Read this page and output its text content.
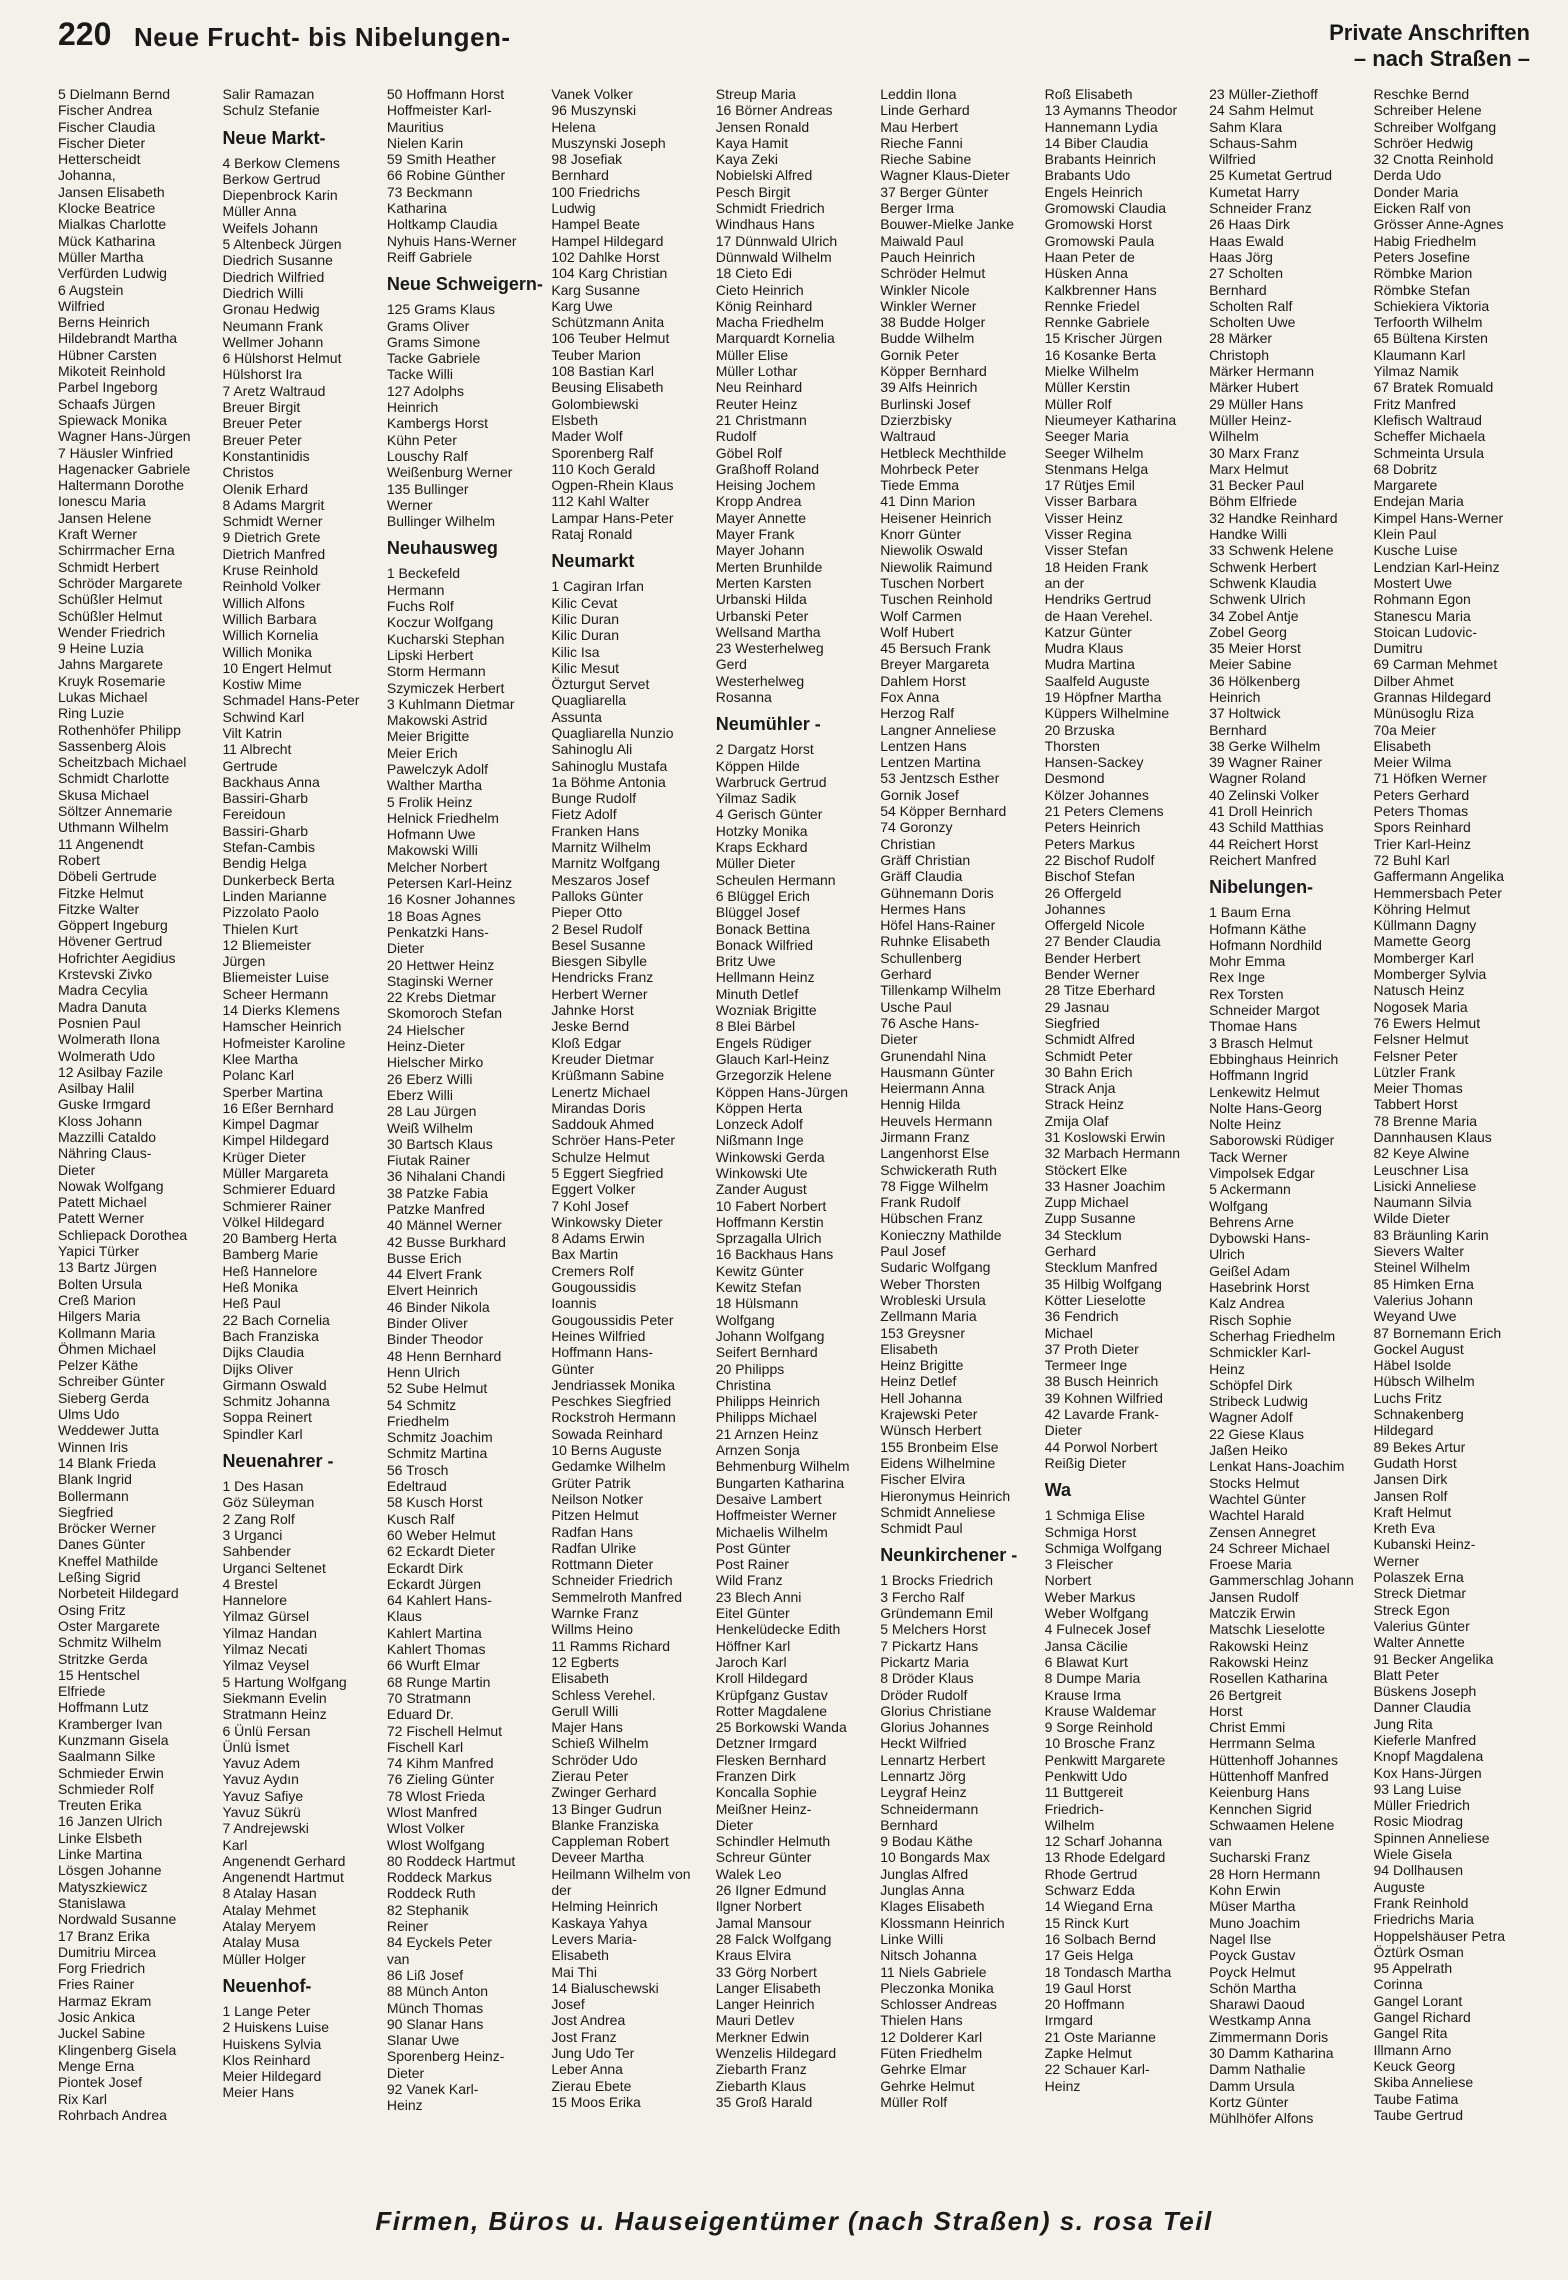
220 Neue Frucht- bis Nibelungen-	Private Anschriften
– nach Straßen –
5 Dielmann Bernd
Fischer Andrea
Fischer Claudia
Fischer Dieter
Hetterscheidt
Johanna,
Jansen Elisabeth
Klocke Beatrice
Mialkas Charlotte
Mück Katharina
Müller Martha
Verfürden Ludwig
6 Augstein
Wilfried
Berns Heinrich
Hildebrandt Martha
Hübner Carsten
Mikoteit Reinhold
Parbel Ingeborg
Schaafs Jürgen
Spiewack Monika
Wagner Hans-Jürgen
7 Häusler Winfried
Hagenacker Gabriele
Haltermann Dorothe
Ionescu Maria
Jansen Helene
Kraft Werner
Schirrmacher Erna
Schmidt Herbert
Schröder Margarete
Schüßler Helmut
Schüßler Helmut
Wender Friedrich
9 Heine Luzia
Jahns Margarete
Kruyk Rosemarie
Lukas Michael
Ring Luzie
Rothenhöfer Philipp
Sassenberg Alois
Scheitzbach Michael
Schmidt Charlotte
Skusa Michael
Söltzer Annemarie
Uthmann Wilhelm
11 Angenendt
Robert
Döbeli Gertrude
Fitzke Helmut
Fitzke Walter
Göppert Ingeburg
Hövener Gertrud
Hofrichter Aegidius
Krstevski Zivko
Madra Cecylia
Madra Danuta
Posnien Paul
Wolmerath Ilona
Wolmerath Udo
12 Asilbay Fazile
Asilbay Halil
Guske Irmgard
Kloss Johann
Mazzilli Cataldo
Nähring Claus-
Dieter
Nowak Wolfgang
Patett Michael
Patett Werner
Schliepack Dorothea
Yapici Türker
13 Bartz Jürgen
Bolten Ursula
Creß Marion
Hilgers Maria
Kollmann Maria
Öhmen Michael
Pelzer Käthe
Schreiber Günter
Sieberg Gerda
Ulms Udo
Weddewer Jutta
Winnen Iris
14 Blank Frieda
Blank Ingrid
Bollermann
Siegfried
Bröcker Werner
Danes Günter
Kneffel Mathilde
Leßing Sigrid
Norbeteit Hildegard
Osing Fritz
Oster Margarete
Schmitz Wilhelm
Stritzke Gerda
15 Hentschel
Elfriede
Hoffmann Lutz
Kramberger Ivan
Kunzmann Gisela
Saalmann Silke
Schmieder Erwin
Schmieder Rolf
Treuten Erika
16 Janzen Ulrich
Linke Elsbeth
Linke Martina
Lösgen Johanne
Matyszkiewicz
Stanislawa
Nordwald Susanne
17 Branz Erika
Dumitriu Mircea
Forg Friedrich
Fries Rainer
Harmaz Ekram
Josic Ankica
Juckel Sabine
Klingenberg Gisela
Menge Erna
Piontek Josef
Rix Karl
Rohrbach Andrea
Salir Ramazan
Schulz Stefanie
Neue Markt-
4 Berkow Clemens
Berkow Gertrud
Diepenbrock Karin
Müller Anna
Weifels Johann
5 Altenbeck Jürgen
Diedrich Susanne
Diedrich Wilfried
Diedrich Willi
Gronau Hedwig
Neumann Frank
Wellmer Johann
6 Hülshorst Helmut
Hülshorst Ira
7 Aretz Waltraud
Breuer Birgit
Breuer Peter
Breuer Peter
Konstantinidis
Christos
Olenik Erhard
8 Adams Margrit
Schmidt Werner
9 Dietrich Grete
Dietrich Manfred
Kruse Reinhold
Reinhold Volker
Willich Alfons
Willich Barbara
Willich Kornelia
Willich Monika
10 Engert Helmut
Kostiw Mime
Schmadel Hans-Peter
Schwind Karl
Vilt Katrin
11 Albrecht
Gertrude
Backhaus Anna
Bassiri-Gharb
Fereidoun
Bassiri-Gharb
Stefan-Cambis
Bendig Helga
Dunkerbeck Berta
Linden Marianne
Pizzolato Paolo
Thielen Kurt
12 Bliemeister
Jürgen
Bliemeister Luise
Scheer Hermann
14 Dierks Klemens
Hamscher Heinrich
Hofmeister Karoline
Klee Martha
Polanc Karl
Sperber Martina
16 Eßer Bernhard
Kimpel Dagmar
Kimpel Hildegard
Krüger Dieter
Müller Margareta
Schmierer Eduard
Schmierer Rainer
Völkel Hildegard
20 Bamberg Herta
Bamberg Marie
Heß Hannelore
Heß Monika
Heß Paul
22 Bach Cornelia
Bach Franziska
Dijks Claudia
Dijks Oliver
Girmann Oswald
Schmitz Johanna
Soppa Reinert
Spindler Karl
Neuenahrer -
1 Des Hasan
Göz Süleyman
2 Zang Rolf
3 Urganci
Sahbender
Urganci Seltenet
4 Brestel
Hannelore
Yilmaz Gürsel
Yilmaz Handan
Yilmaz Necati
Yilmaz Veysel
5 Hartung Wolfgang
Siekmann Evelin
Stratmann Heinz
6 Ünlü Fersan
Ünlü İsmet
Yavuz Adem
Yavuz Aydın
Yavuz Safiye
Yavuz Sükrü
7 Andrejewski
Karl
Angenendt Gerhard
Angenendt Hartmut
8 Atalay Hasan
Atalay Mehmet
Atalay Meryem
Atalay Musa
Müller Holger
Neuenhof-
1 Lange Peter
2 Huiskens Luise
Huiskens Sylvia
Klos Reinhard
Meier Hildegard
Meier Hans
50 Hoffmann Horst
Hoffmeister Karl-
Mauritius
Nielen Karin
59 Smith Heather
66 Robine Günther
73 Beckmann
Katharina
Holtkamp Claudia
Nyhuis Hans-Werner
Reiff Gabriele
Neue Schweigern-
125 Grams Klaus
Grams Oliver
Grams Simone
Tacke Gabriele
Tacke Willi
127 Adolphs
Heinrich
Kambergs Horst
Kühn Peter
Louschy Ralf
Weißenburg Werner
135 Bullinger
Werner
Bullinger Wilhelm
Neuhausweg
1 Beckefeld
Hermann
Fuchs Rolf
Koczur Wolfgang
Kucharski Stephan
Lipski Herbert
Storm Hermann
Szymiczek Herbert
3 Kuhlmann Dietmar
Makowski Astrid
Meier Brigitte
Meier Erich
Pawelczyk Adolf
Walther Martha
5 Frolik Heinz
Helnick Friedhelm
Hofmann Uwe
Makowski Willi
Melcher Norbert
Petersen Karl-Heinz
16 Kosner Johannes
18 Boas Agnes
Penkatzki Hans-
Dieter
20 Hettwer Heinz
Staginski Werner
22 Krebs Dietmar
Skomoroch Stefan
24 Hielscher
Heinz-Dieter
Hielscher Mirko
26 Eberz Willi
Eberz Willi
28 Lau Jürgen
Weiß Wilhelm
30 Bartsch Klaus
Fiutak Rainer
36 Nihalani Chandi
38 Patzke Fabia
Patzke Manfred
40 Männel Werner
42 Busse Burkhard
Busse Erich
44 Elvert Frank
Elvert Heinrich
46 Binder Nikola
Binder Oliver
Binder Theodor
48 Henn Bernhard
Henn Ulrich
52 Sube Helmut
54 Schmitz
Friedhelm
Schmitz Joachim
Schmitz Martina
56 Trosch
Edeltraud
58 Kusch Horst
Kusch Ralf
60 Weber Helmut
62 Eckardt Dieter
Eckardt Dirk
Eckardt Jürgen
64 Kahlert Hans-
Klaus
Kahlert Martina
Kahlert Thomas
66 Wurft Elmar
68 Runge Martin
70 Stratmann
Eduard Dr.
72 Fischell Helmut
Fischell Karl
74 Kihm Manfred
76 Zieling Günter
78 Wlost Frieda
Wlost Manfred
Wlost Volker
Wlost Wolfgang
80 Roddeck Hartmut
Roddeck Markus
Roddeck Ruth
82 Stephanik
Reiner
84 Eyckels Peter
van
86 Liß Josef
88 Münch Anton
Münch Thomas
90 Slanar Hans
Slanar Uwe
Sporenberg Heinz-
Dieter
92 Vanek Karl-
Heinz
Vanek Volker
96 Muszynski
Helena
Muszynski Joseph
98 Josefiak
Bernhard
100 Friedrichs
Ludwig
Hampel Beate
Hampel Hildegard
102 Dahlke Horst
104 Karg Christian
Karg Susanne
Karg Uwe
Schützmann Anita
106 Teuber Helmut
Teuber Marion
108 Bastian Karl
Beusing Elisabeth
Golombiewski
Elsbeth
Mader Wolf
Sporenberg Ralf
110 Koch Gerald
Ogpen-Rhein Klaus
112 Kahl Walter
Lampar Hans-Peter
Rataj Ronald
Neumarkt
1 Cagiran Irfan
Kilic Cevat
Kilic Duran
Kilic Duran
Kilic Isa
Kilic Mesut
Özturgut Servet
Quagliarella
Assunta
Quagliarella Nunzio
Sahinoglu Ali
Sahinoglu Mustafa
1a Böhme Antonia
Bunge Rudolf
Fietz Adolf
Franken Hans
Marnitz Wilhelm
Marnitz Wolfgang
Meszaros Josef
Palloks Günter
Pieper Otto
2 Besel Rudolf
Besel Susanne
Biesgen Sibylle
Hendricks Franz
Herbert Werner
Jahnke Horst
Jeske Bernd
Kloß Edgar
Kreuder Dietmar
Krüßmann Sabine
Lenertz Michael
Mirandas Doris
Saddouk Ahmed
Schröer Hans-Peter
Schulze Helmut
5 Eggert Siegfried
Eggert Volker
7 Kohl Josef
Winkowsky Dieter
8 Adams Erwin
Bax Martin
Cremers Rolf
Gougoussidis
Ioannis
Gougoussidis Peter
Heines Wilfried
Hoffmann Hans-
Günter
Jendriassek Monika
Peschkes Siegfried
Rockstroh Hermann
Sowada Reinhard
10 Berns Auguste
Gedamke Wilhelm
Grüter Patrik
Neilson Notker
Pitzen Helmut
Radfan Hans
Radfan Ulrike
Rottmann Dieter
Schneider Friedrich
Semmelroth Manfred
Warnke Franz
Willms Heino
11 Ramms Richard
12 Egberts
Elisabeth
Schless Verehel.
Gerull Willi
Majer Hans
Schieß Wilhelm
Schröder Udo
Zierau Peter
Zwinger Gerhard
13 Binger Gudrun
Blanke Franziska
Cappleman Robert
Deveer Martha
Heilmann Wilhelm von
der
Helming Heinrich
Kaskaya Yahya
Levers Maria-
Elisabeth
Mai Thi
14 Bialuschewski
Josef
Jost Andrea
Jost Franz
Jung Udo Ter
Leber Anna
Zierau Ebete
15 Moos Erika
Streup Maria
16 Börner Andreas
Jensen Ronald
Kaya Hamit
Kaya Zeki
Nobielski Alfred
Pesch Birgit
Schmidt Friedrich
Windhaus Hans
17 Dünnwald Ulrich
Dünnwald Wilhelm
18 Cieto Edi
Cieto Heinrich
König Reinhard
Macha Friedhelm
Marquardt Kornelia
Müller Elise
Müller Lothar
Neu Reinhard
Reuter Heinz
21 Christmann
Rudolf
Göbel Rolf
Graßhoff Roland
Heising Jochem
Kropp Andrea
Mayer Annette
Mayer Frank
Mayer Johann
Merten Brunhilde
Merten Karsten
Urbanski Hilda
Urbanski Peter
Wellsand Martha
23 Westerhelweg
Gerd
Westerhelweg
Rosanna
Neumühler -
2 Dargatz Horst
Köppen Hilde
Warbruck Gertrud
Yilmaz Sadik
4 Gerisch Günter
Hotzky Monika
Kraps Eckhard
Müller Dieter
Scheulen Hermann
6 Blüggel Erich
Blüggel Josef
Bonack Bettina
Bonack Wilfried
Britz Uwe
Hellmann Heinz
Minuth Detlef
Wozniak Brigitte
8 Blei Bärbel
Engels Rüdiger
Glauch Karl-Heinz
Grzegorzik Helene
Köppen Hans-Jürgen
Köppen Herta
Lonzeck Adolf
Nißmann Inge
Winkowski Gerda
Winkowski Ute
Zander August
10 Fabert Norbert
Hoffmann Kerstin
Sprzagalla Ulrich
16 Backhaus Hans
Kewitz Günter
Kewitz Stefan
18 Hülsmann
Wolfgang
Johann Wolfgang
Seifert Bernhard
20 Philipps
Christina
Philipps Heinrich
Philipps Michael
21 Arnzen Heinz
Arnzen Sonja
Behmenburg Wilhelm
Bungarten Katharina
Desaive Lambert
Hoffmeister Werner
Michaelis Wilhelm
Post Günter
Post Rainer
Wild Franz
23 Blech Anni
Eitel Günter
Henkelüdecke Edith
Höffner Karl
Jaroch Karl
Kroll Hildegard
Krüpfganz Gustav
Rotter Magdalene
25 Borkowski Wanda
Detzner Irmgard
Flesken Bernhard
Franzen Dirk
Koncalla Sophie
Meißner Heinz-
Dieter
Schindler Helmuth
Schreur Günter
Walek Leo
26 Ilgner Edmund
Ilgner Norbert
Jamal Mansour
28 Falck Wolfgang
Kraus Elvira
33 Görg Norbert
Langer Elisabeth
Langer Heinrich
Mauri Detlev
Merkner Edwin
Wenzelis Hildegard
Ziebarth Franz
Ziebarth Klaus
35 Groß Harald
Leddin Ilona
Linde Gerhard
Mau Herbert
Rieche Fanni
Rieche Sabine
Wagner Klaus-Dieter
37 Berger Günter
Berger Irma
Bouwer-Mielke Janke
Maiwald Paul
Pauch Heinrich
Schröder Helmut
Winkler Nicole
Winkler Werner
38 Budde Holger
Budde Wilhelm
Gornik Peter
Köpper Bernhard
39 Alfs Heinrich
Burlinski Josef
Dzierzbisky
Waltraud
Hetbleck Mechthilde
Mohrbeck Peter
Tiede Emma
41 Dinn Marion
Heisener Heinrich
Knorr Günter
Niewolik Oswald
Niewolik Raimund
Tuschen Norbert
Tuschen Reinhold
Wolf Carmen
Wolf Hubert
45 Bersuch Frank
Breyer Margareta
Dahlem Horst
Fox Anna
Herzog Ralf
Langner Anneliese
Lentzen Hans
Lentzen Martina
53 Jentzsch Esther
Gornik Josef
54 Köpper Bernhard
74 Goronzy
Christian
Gräff Christian
Gräff Claudia
Gühnemann Doris
Hermes Hans
Höfel Hans-Rainer
Ruhnke Elisabeth
Schullenberg
Gerhard
Tillenkamp Wilhelm
Usche Paul
76 Asche Hans-
Dieter
Grunendahl Nina
Hausmann Günter
Heiermann Anna
Hennig Hilda
Heuvels Hermann
Jirmann Franz
Langenhorst Else
Schwickerath Ruth
78 Figge Wilhelm
Frank Rudolf
Hübschen Franz
Konieczny Mathilde
Paul Josef
Sudaric Wolfgang
Weber Thorsten
Wrobleski Ursula
Zellmann Maria
153 Greysner
Elisabeth
Heinz Brigitte
Heinz Detlef
Hell Johanna
Krajewski Peter
Wünsch Herbert
155 Bronbeim Else
Eidens Wilhelmine
Fischer Elvira
Hieronymus Heinrich
Schmidt Anneliese
Schmidt Paul
Neunkirchener -
1 Brocks Friedrich
3 Fercho Ralf
Gründemann Emil
5 Melchers Horst
7 Pickartz Hans
Pickartz Maria
8 Dröder Klaus
Dröder Rudolf
Glorius Christiane
Glorius Johannes
Heckt Wilfried
Lennartz Herbert
Lennartz Jörg
Leygraf Heinz
Schneidermann
Bernhard
9 Bodau Käthe
10 Bongards Max
Junglas Alfred
Junglas Anna
Klages Elisabeth
Klossmann Heinrich
Linke Willi
Nitsch Johanna
11 Niels Gabriele
Pleczonka Monika
Schlosser Andreas
Thielen Hans
12 Dolderer Karl
Füten Friedhelm
Gehrke Elmar
Gehrke Helmut
Müller Rolf
Roß Elisabeth
13 Aymanns Theodor
Hannemann Lydia
14 Biber Claudia
Brabants Heinrich
Brabants Udo
Engels Heinrich
Gromowski Claudia
Gromowski Horst
Gromowski Paula
Haan Peter de
Hüsken Anna
Kalkbrenner Hans
Rennke Friedel
Rennke Gabriele
15 Krischer Jürgen
16 Kosanke Berta
Mielke Wilhelm
Müller Kerstin
Müller Rolf
Nieumeyer Katharina
Seeger Maria
Seeger Wilhelm
Stenmans Helga
17 Rütjes Emil
Visser Barbara
Visser Heinz
Visser Regina
Visser Stefan
18 Heiden Frank
an der
Hendriks Gertrud
de Haan Verehel.
Katzur Günter
Mudra Klaus
Mudra Martina
Saalfeld Auguste
19 Höpfner Martha
Küppers Wilhelmine
20 Brzuska
Thorsten
Hansen-Sackey
Desmond
Kölzer Johannes
21 Peters Clemens
Peters Heinrich
Peters Markus
22 Bischof Rudolf
Bischof Stefan
26 Offergeld
Johannes
Offergeld Nicole
27 Bender Claudia
Bender Herbert
Bender Werner
28 Titze Eberhard
29 Jasnau
Siegfried
Schmidt Alfred
Schmidt Peter
30 Bahn Erich
Strack Anja
Strack Heinz
Zmija Olaf
31 Koslowski Erwin
32 Marbach Hermann
Stöckert Elke
33 Hasner Joachim
Zupp Michael
Zupp Susanne
34 Stecklum
Gerhard
Stecklum Manfred
35 Hilbig Wolfgang
Kötter Lieselotte
36 Fendrich
Michael
37 Proth Dieter
Termeer Inge
38 Busch Heinrich
39 Kohnen Wilfried
42 Lavarde Frank-
Dieter
44 Porwol Norbert
Reißig Dieter
Wa
1 Schmiga Elise
Schmiga Horst
Schmiga Wolfgang
3 Fleischer
Norbert
Weber Markus
Weber Wolfgang
4 Fulnecek Josef
Jansa Cäcilie
6 Blawat Kurt
8 Dumpe Maria
Krause Irma
Krause Waldemar
9 Sorge Reinhold
10 Brosche Franz
Penkwitt Margarete
Penkwitt Udo
11 Buttgereit
Friedrich-
Wilhelm
12 Scharf Johanna
13 Rhode Edelgard
Rhode Gertrud
Schwarz Edda
14 Wiegand Erna
15 Rinck Kurt
16 Solbach Bernd
17 Geis Helga
18 Tondasch Martha
19 Gaul Horst
20 Hoffmann
Irmgard
21 Oste Marianne
Zapke Helmut
22 Schauer Karl-
Heinz
23 Müller-Ziethoff
24 Sahm Helmut
Sahm Klara
Schaus-Sahm
Wilfried
25 Kumetat Gertrud
Kumetat Harry
Schneider Franz
26 Haas Dirk
Haas Ewald
Haas Jörg
27 Scholten
Bernhard
Scholten Ralf
Scholten Uwe
28 Märker
Christoph
Märker Hermann
Märker Hubert
29 Müller Hans
Müller Heinz-
Wilhelm
30 Marx Franz
Marx Helmut
31 Becker Paul
Böhm Elfriede
32 Handke Reinhard
Handke Willi
33 Schwenk Helene
Schwenk Herbert
Schwenk Klaudia
Schwenk Ulrich
34 Zobel Antje
Zobel Georg
35 Meier Horst
Meier Sabine
36 Hölkenberg
Heinrich
37 Holtwick
Bernhard
38 Gerke Wilhelm
39 Wagner Rainer
Wagner Roland
40 Zelinski Volker
41 Droll Heinrich
43 Schild Matthias
44 Reichert Horst
Reichert Manfred
Nibelungen-
1 Baum Erna
Hofmann Käthe
Hofmann Nordhild
Mohr Emma
Rex Inge
Rex Torsten
Schneider Margot
Thomae Hans
3 Brasch Helmut
Ebbinghaus Heinrich
Hoffmann Ingrid
Lenkewitz Helmut
Nolte Hans-Georg
Nolte Heinz
Saborowski Rüdiger
Tack Werner
Vimpolsek Edgar
5 Ackermann
Wolfgang
Behrens Arne
Dybowski Hans-
Ulrich
Geißel Adam
Hasebrink Horst
Kalz Andrea
Risch Sophie
Scherhag Friedhelm
Schmickler Karl-
Heinz
Schöpfel Dirk
Stribeck Ludwig
Wagner Adolf
22 Giese Klaus
Jaßen Heiko
Lenkat Hans-Joachim
Stocks Helmut
Wachtel Günter
Wachtel Harald
Zensen Annegret
24 Schreer Michael
Froese Maria
Gammerschlag Johann
Jansen Rudolf
Matczik Erwin
Matschk Lieselotte
Rakowski Heinz
Rakowski Heinz
Rosellen Katharina
26 Bertgreit
Horst
Christ Emmi
Herrmann Selma
Hüttenhoff Johannes
Hüttenhoff Manfred
Keienburg Hans
Kennchen Sigrid
Schwaamen Helene
van
Sucharski Franz
28 Horn Hermann
Kohn Erwin
Müser Martha
Muno Joachim
Nagel Ilse
Poyck Gustav
Poyck Helmut
Schön Martha
Sharawi Daoud
Westkamp Anna
Zimmermann Doris
30 Damm Katharina
Damm Nathalie
Damm Ursula
Kortz Günter
Mühlhöfer Alfons
Reschke Bernd
Schreiber Helene
Schreiber Wolfgang
Schröer Hedwig
32 Cnotta Reinhold
Derda Udo
Donder Maria
Eicken Ralf von
Grösser Anne-Agnes
Habig Friedhelm
Peters Josefine
Römbke Marion
Römbke Stefan
Schiekiera Viktoria
Terfoorth Wilhelm
65 Bültena Kirsten
Klaumann Karl
Yilmaz Namik
67 Bratek Romuald
Fritz Manfred
Klefisch Waltraud
Scheffer Michaela
Schmeinta Ursula
68 Dobritz
Margarete
Endejan Maria
Kimpel Hans-Werner
Klein Paul
Kusche Luise
Lendzian Karl-Heinz
Mostert Uwe
Rohmann Egon
Stanescu Maria
Stoican Ludovic-
Dumitru
69 Carman Mehmet
Dilber Ahmet
Grannas Hildegard
Münüsoglu Riza
70a Meier
Elisabeth
Meier Wilma
71 Höfken Werner
Peters Gerhard
Peters Thomas
Spors Reinhard
Trier Karl-Heinz
72 Buhl Karl
Gaffermann Angelika
Hemmersbach Peter
Köhring Helmut
Küllmann Dagny
Mamette Georg
Momberger Karl
Momberger Sylvia
Natusch Heinz
Nogosek Maria
76 Ewers Helmut
Felsner Helmut
Felsner Peter
Lützler Frank
Meier Thomas
Tabbert Horst
78 Brenne Maria
Dannhausen Klaus
82 Keye Alwine
Leuschner Lisa
Lisicki Anneliese
Naumann Silvia
Wilde Dieter
83 Bräunling Karin
Sievers Walter
Steinel Wilhelm
85 Himken Erna
Valerius Johann
Weyand Uwe
87 Bornemann Erich
Gockel August
Häbel Isolde
Hübsch Wilhelm
Luchs Fritz
Schnakenberg
Hildegard
89 Bekes Artur
Gudath Horst
Jansen Dirk
Jansen Rolf
Kraft Helmut
Kreth Eva
Kubanski Heinz-
Werner
Polaszek Erna
Streck Dietmar
Streck Egon
Valerius Günter
Walter Annette
91 Becker Angelika
Blatt Peter
Büskens Joseph
Danner Claudia
Jung Rita
Kieferle Manfred
Knopf Magdalena
Kox Hans-Jürgen
93 Lang Luise
Müller Friedrich
Rosic Miodrag
Spinnen Anneliese
Wiele Gisela
94 Dollhausen
Auguste
Frank Reinhold
Friedrichs Maria
Hoppelshäuser Petra
Öztürk Osman
95 Appelrath
Corinna
Gangel Lorant
Gangel Richard
Gangel Rita
Illmann Arno
Keuck Georg
Skiba Anneliese
Taube Fatima
Taube Gertrud
Firmen, Büros u. Hauseigentümer (nach Straßen) s. rosa Teil
